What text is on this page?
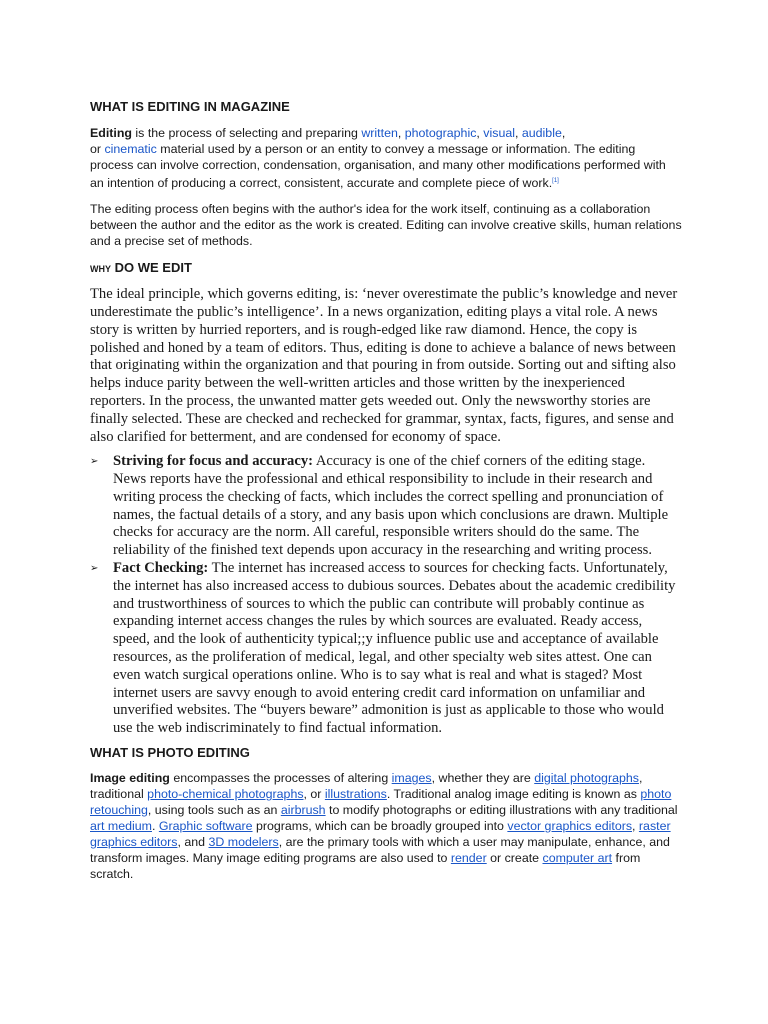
WHAT IS EDITING IN MAGAZINE

Editing is the process of selecting and preparing written, photographic, visual, audible,
or cinematic material used by a person or an entity to convey a message or information. The editing process can involve correction, condensation, organisation, and many other modifications performed with an intention of producing a correct, consistent, accurate and complete piece of work.[1]

The editing process often begins with the author's idea for the work itself, continuing as a collaboration between the author and the editor as the work is created. Editing can involve creative skills, human relations and a precise set of methods.

WHY DO WE EDIT

The ideal principle, which governs editing, is: ‘never overestimate the public’s knowledge and never underestimate the public’s intelligence’. In a news organization, editing plays a vital role. A news story is written by hurried reporters, and is rough-edged like raw diamond. Hence, the copy is polished and honed by a team of editors. Thus, editing is done to achieve a balance of news between that originating within the organization and that pouring in from outside. Sorting out and sifting also helps induce parity between the well-written articles and those written by the inexperienced reporters. In the process, the unwanted matter gets weeded out. Only the newsworthy stories are finally selected. These are checked and rechecked for grammar, syntax, facts, figures, and sense and also clarified for betterment, and are condensed for economy of space.

➢ Striving for focus and accuracy: Accuracy is one of the chief corners of the editing stage. News reports have the professional and ethical responsibility to include in their research and writing process the checking of facts, which includes the correct spelling and pronunciation of names, the factual details of a story, and any basis upon which conclusions are drawn. Multiple checks for accuracy are the norm. All careful, responsible writers should do the same. The reliability of the finished text depends upon accuracy in the researching and writing process.
➢ Fact Checking: The internet has increased access to sources for checking facts. Unfortunately, the internet has also increased access to dubious sources. Debates about the academic credibility and trustworthiness of sources to which the public can contribute will probably continue as expanding internet access changes the rules by which sources are evaluated. Ready access, speed, and the look of authenticity typical;;y influence public use and acceptance of available resources, as the proliferation of medical, legal, and other specialty web sites attest. One can even watch surgical operations online. Who is to say what is real and what is staged? Most internet users are savvy enough to avoid entering credit card information on unfamiliar and unverified websites. The “buyers beware” admonition is just as applicable to those who would use the web indiscriminately to find factual information.
WHAT IS PHOTO EDITING

Image editing encompasses the processes of altering images, whether they are digital photographs, traditional photo-chemical photographs, or illustrations. Traditional analog image editing is known as photo retouching, using tools such as an airbrush to modify photographs or editing illustrations with any traditional art medium. Graphic software programs, which can be broadly grouped into vector graphics editors, raster graphics editors, and 3D modelers, are the primary tools with which a user may manipulate, enhance, and transform images. Many image editing programs are also used to render or create computer art from scratch.
